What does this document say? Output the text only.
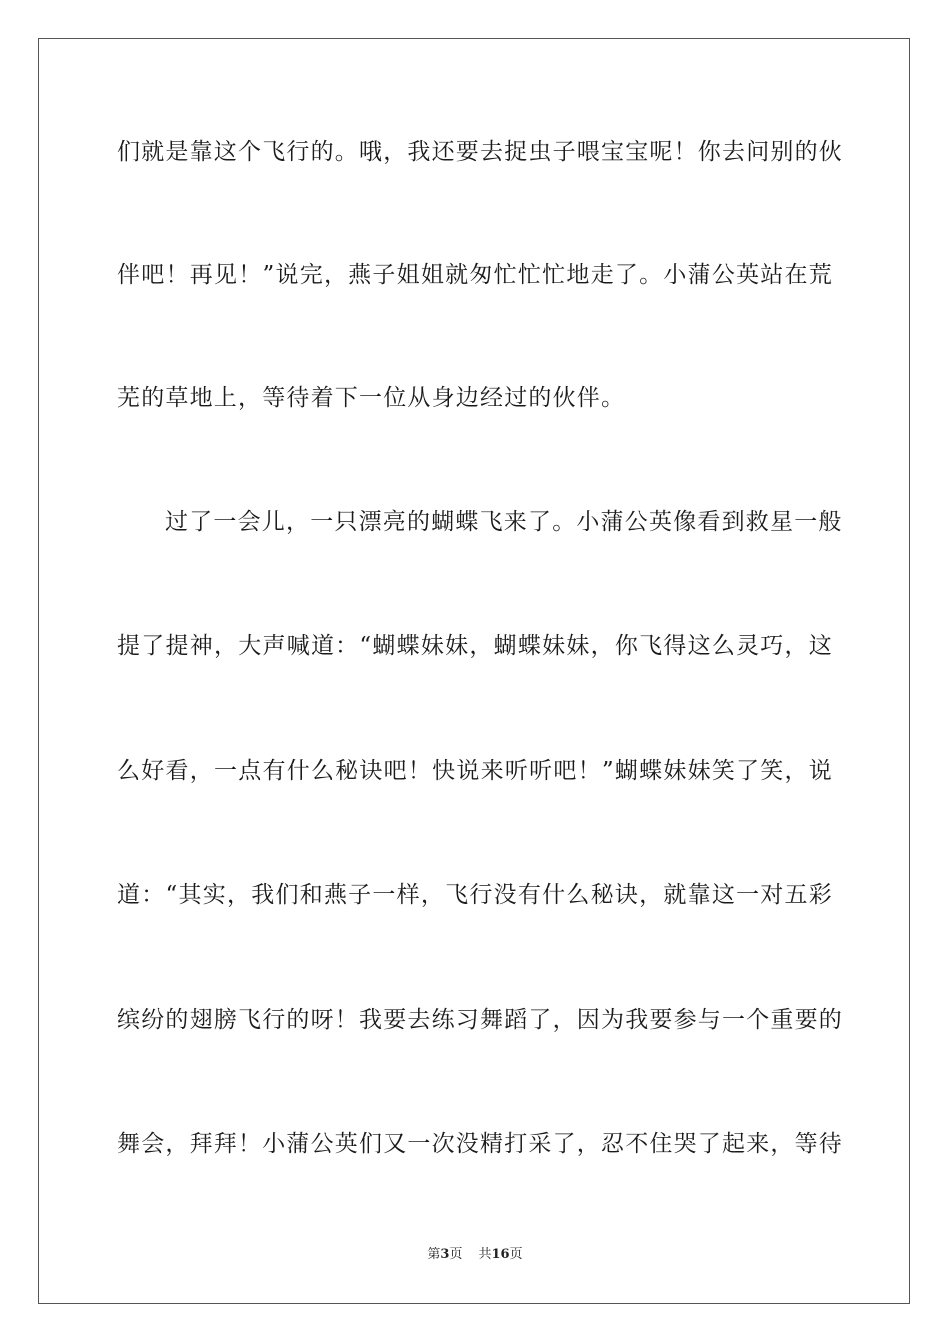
们就是靠这个飞行的。哦，我还要去捉虫子喂宝宝呢！你去问别的伙
伴吧！再见！”说完，燕子姐姐就匆忙忙忙地走了。小蒲公英站在荒
芜的草地上，等待着下一位从身边经过的伙伴。
过了一会儿，一只漂亮的蝴蝶飞来了。小蒲公英像看到救星一般
提了提神，大声喊道：“蝴蝶妹妹，蝴蝶妹妹，你飞得这么灵巧，这
么好看，一点有什么秘诀吧！快说来听听吧！”蝴蝶妹妹笑了笑，说
道：“其实，我们和燕子一样，飞行没有什么秘诀，就靠这一对五彩
缤纷的翅膀飞行的呀！我要去练习舞蹈了，因为我要参与一个重要的
舞会，拜拜！小蒲公英们又一次没精打采了，忍不住哭了起来，等待
第3页 共16页
